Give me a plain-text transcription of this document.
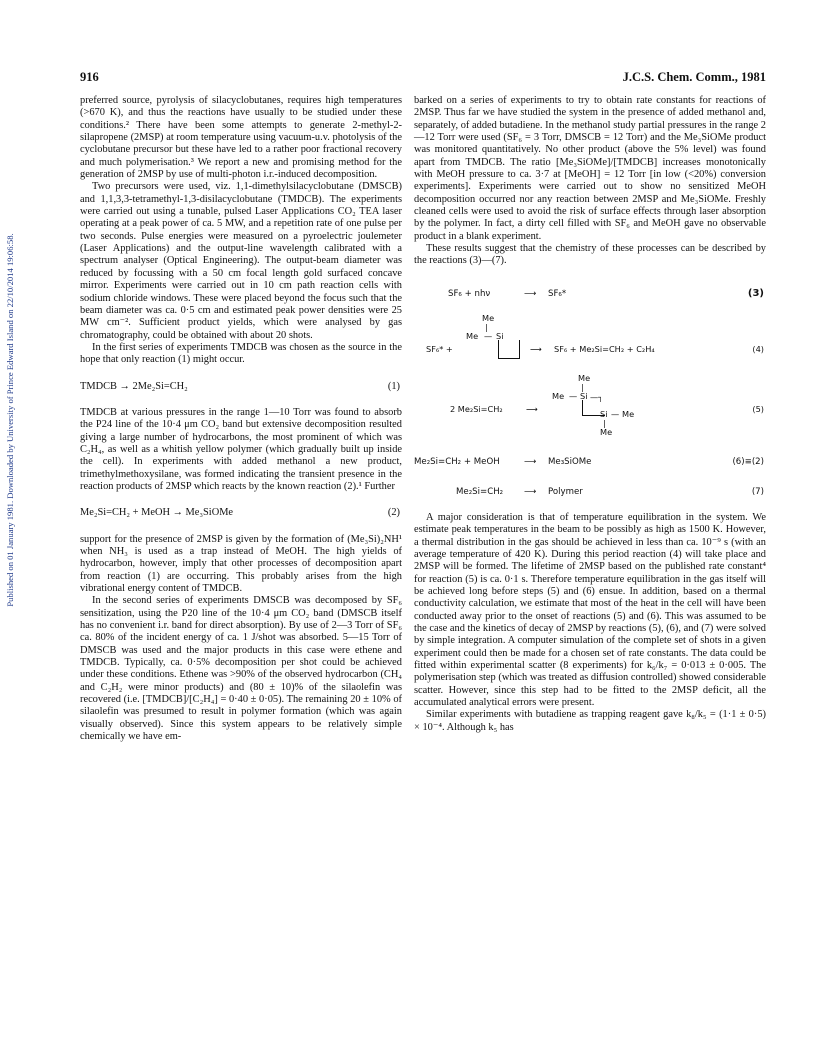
Published on 01 January 1981. Downloaded by University of Prince Edward Island on 22/10/2014 19:06:58.
916	J.C.S. Chem. Comm., 1981

preferred source, pyrolysis of silacyclobutanes, requires high temperatures (>670 K), and thus the reactions have usually to be studied under these conditions.² There have been some attempts to generate 2-methyl-2-silapropene (2MSP) at room temperature using vacuum-u.v. photolysis of the cyclobutane precursor but these have led to a rather poor fractional recovery and much polymerisation.³ We report a new and promising method for the generation of 2MSP by use of multi-photon i.r.-induced decomposition.

Two precursors were used, viz. 1,1-dimethylsilacyclobutane (DMSCB) and 1,1,3,3-tetramethyl-1,3-disilacyclobutane (TMDCB). The experiments were carried out using a tunable, pulsed Laser Applications CO₂ TEA laser operating at a peak power of ca. 5 MW, and a repetition rate of one pulse per two seconds. Pulse energies were measured on a pyroelectric joulemeter (Laser Applications) and the output-line wavelength calibrated with a spectrum analyser (Optical Engineering). The output-beam diameter was reduced by focussing with a 50 cm focal length gold surfaced concave mirror. Experiments were carried out in 10 cm path reaction cells with sodium chloride windows. These were placed beyond the focus such that the beam diameter was ca. 0·5 cm and estimated peak power densities were 25 MW cm⁻². Sufficient product yields, which were analysed by gas chromatography, could be obtained with about 20 shots.

In the first series of experiments TMDCB was chosen as the source in the hope that only reaction (1) might occur.

TMDCB → 2Me₂Si=CH₂	(1)

TMDCB at various pressures in the range 1—10 Torr was found to absorb the P24 line of the 10·4 μm CO₂ band but extensive decomposition resulted giving a large number of hydrocarbons, the most prominent of which was C₂H₄, as well as a whitish yellow polymer (which gradually built up inside the cell). In experiments with added methanol a new product, trimethylmethoxysilane, was formed indicating the transient presence in the reaction products of 2MSP which reacts by the known reaction (2).¹ Further

Me₂Si=CH₂ + MeOH → Me₃SiOMe	(2)

support for the presence of 2MSP is given by the formation of (Me₃Si)₂NH¹ when NH₃ is used as a trap instead of MeOH. The high yields of hydrocarbon, however, imply that other processes of decomposition apart from reaction (1) are occurring. This probably arises from the high vibrational energy content of TMDCB.

In the second series of experiments DMSCB was decomposed by SF₆ sensitization, using the P20 line of the 10·4 μm CO₂ band (DMSCB itself has no convenient i.r. band for direct absorption). By use of 2—3 Torr of SF₆ ca. 80% of the incident energy of ca. 1 J/shot was absorbed. 5—15 Torr of DMSCB was used and the major products in this case were ethene and TMDCB. Typically, ca. 0·5% decomposition per shot could be achieved under these conditions. Ethene was >90% of the observed hydrocarbon (CH₄ and C₂H₂ were minor products) and (80 ± 10)% of the silaolefin was recovered (i.e. [TMDCB]/[C₂H₄] = 0·40 ± 0·05). The remaining 20 ± 10% of silaolefin was presumed to result in polymer formation (which was again visually observed). Since this system appears to be relatively simple chemically we have em-

barked on a series of experiments to try to obtain rate constants for reactions of 2MSP. Thus far we have studied the system in the presence of added methanol and, separately, of added butadiene. In the methanol study partial pressures in the range 2—12 Torr were used (SF₆ = 3 Torr, DMSCB = 12 Torr) and the Me₃SiOMe product was monitored quantitatively. No other product (above the 5% level) was found apart from TMDCB. The ratio [Me₃SiOMe]/[TMDCB] increases monotonically with MeOH pressure to ca. 3·7 at [MeOH] = 12 Torr [in low (<20%) conversion experiments]. Experiments were carried out to show no sensitized MeOH decomposition occurred nor any reaction between 2MSP and Me₃SiOMe. Freshly cleaned cells were used to avoid the risk of surface effects through laser absorption by the polymer. In fact, a dirty cell filled with SF₆ and MeOH gave no observable product in a blank experiment.

These results suggest that the chemistry of these processes can be described by the reactions (3)—(7).

SF₆ + nhν	⟶ SF₆*	(3)
SF₆* +
Me
|
Me — Si
⟶ SF₆ + Me₂Si=CH₂ + C₂H₄	(4)
2 Me₂Si=CH₂	⟶
Me
|
Me — Si —┐
Si — Me
|
Me
(5)
Me₂Si=CH₂ + MeOH	⟶ Me₃SiOMe	(6)≡(2)
Me₂Si=CH₂ ⟶ Polymer	(7)

A major consideration is that of temperature equilibration in the system. We estimate peak temperatures in the beam to be possibly as high as 1500 K. However, a thermal distribution in the gas should be achieved in less than ca. 10⁻⁹ s (with an average temperature of 420 K). During this period reaction (4) will take place and 2MSP will be formed. The lifetime of 2MSP based on the published rate constant⁴ for reaction (5) is ca. 0·1 s. Therefore temperature equilibration in the gas itself will be achieved long before steps (5) and (6) ensue. In addition, based on a thermal conductivity calculation, we estimate that most of the heat in the cell will have been conducted away prior to the onset of reactions (5) and (6). This was assumed to be the case and the kinetics of decay of 2MSP by reactions (5), (6), and (7) were solved by simple integration. A computer simulation of the complete set of shots in a given experiment could then be made for a chosen set of rate constants. The data could be fitted within experimental scatter (8 experiments) for k₆/k₇ = 0·013 ± 0·005. The polymerisation step (which was treated as diffusion controlled) showed considerable scatter. However, since this step had to be fitted to the 2MSP deficit, all the accumulated analytical errors were present.

Similar experiments with butadiene as trapping reagent gave k₈/k₅ = (1·1 ± 0·5) × 10⁻⁴. Although k₅ has
